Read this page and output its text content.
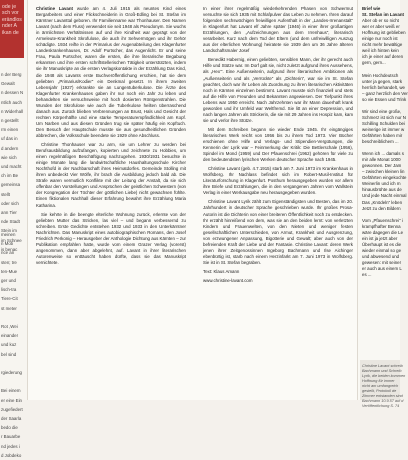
ode je
sch vor
erändlos
nder A
ikan de
n der Berg
Gewalt
n dessen N
ntlich auch
n Widerhall
n gestellt
rm einen
uf das in
d andern
wie sich
und macht
ch im Be
gemeinsa
stellt
oder sich
ann Tier
nde Stadt
Stein im
im Schnee
is benac
meinen
n Moti
nce an
sten; tre
ten-Mue
ger und
lisch-tra
Tiere-Cit
st meter

Rot ,Wei
einander
und kuz
bel sind

rgiederung

Bei einem
er eine Ein
zugefiedert
der Saarla
bedo die
r Bauarbe
nd jedes i
d Jobdeko

Christine Lavant wurde am 4. Juli 1915 als neuntes Kind eines Bergarbeiters und einer Flickschneiderin in Groß-Edling bei St. Stefan im Kärntner Lavanttal geboren. Ihr Familienname war Thonhauser. Den Namen Lavant (nach dem Fluss) verwendet sie seit 1948 als Pseudonym. Sie wuchs in ärmlichsten Verhältnissen auf und ihre Kindheit war geprägt von der Armeleute-Krankheit Skrofulose, die auch ihr Sehvermögen und ihr Gehör schädigte. 1934 reifte in der Primarius der Augenabteilung des Klagenfurter Landeskrankenhauses, Dr. Adolf Purtscher, das Augenlicht. Er und seine Frau, Paula Purtscher, waren die ersten, die ihre literarische Begabung erkannten und ihre ersten schriftstellerischen Tätigkeit unterstützten, indem sie ihr Manuskripte an die ersten Verlagskontakte in der Erzählung Das Kind, die 1948 als Lavants erste Buchveröffentlichung erschien, hat sie dem geliebten „Primarius/Kodier“ ein Denkmal gesetzt. In ihrem zweiten Lebensjahr (1927) erkrankte sie an Lungentuberkulose. Die Ärzte des Klagenfurter Krankenhauses gaben ihr nur noch ein Jahr zu leben und behandelten sie versuchsweise mit hoch dosierten Röntgenstrahlen. Die Wunden der Skrofulose wie auch die Tuberkulose heilten überraschend danach aus. Zurück blieben Verbrennungen an Brust, Hals und Gesicht der rechten Körperhälfte und eine starke Temperaturempfindlichkeit am Kopf. Um Narben und aus diesen Gründen trug sie später häufig ein Kopftuch. Den Besuch der Hauptschule musste sie aus gesundheitlichen Gründen abbrechen, die Volksschule beendete sie 1929 ohne Abschluss.

Christine Thonhauser war zu arm, sie um Lehrer zu werden bei Berufsausbildung aufzufangen, kopierten und zeichnete zu Hobbies, um einen regelmäßigen Beschäftigung nachzugehen. 1930/1931 besuchte in einige Monate lang die landwirtschaftliche Haushaltungsschule Kircher Nochthofd in der Nachbarschaft ihres Heimatdorfes. Gemeinde Stolling mit ihren unbedeckt Vier Wölfe, ihr brach die Ausbildung jedoch bald ab. Die Strafe waren vermutlich Konflikte mit der Leitung der Anstalt, da sie sich offenbar den Vorstellungen und Ansprüchen der geistlichen Schwestern (von der Kongregation der Töchter der göttlichen Liebe) nicht gewachsen fühlte. Einen fiktionalen Nachhall dieser Erfahrung bewahrt ihre Erzählung Maria Katharina.

Sie kehrte in die beengte elterliche Wohnung zurück, erlernte von der geliebten Mutter das Stricken, las viel – und begann verbessernd zu schreiben. Erste Gedichte entstehen 1932 und 1933 in den Unterkärntner Nachrichten. Das Manuskript eines autobiographischen Romans, den Josef Friedrich Perkonig – Herausgeber der Anthologie Dichtung aus Kärnten – zur Publikation empfahlen hatte, wurde vom einem Grazer Verlag (vorerst) angenommen, dann aber abgelehnt, auf. Lavant in ihrer literarischen Autorenweise so enttäuscht haben dürfte, dass sie das Manuskript vernichtete.

In einer ihrer regelmäßig wiederkehrenden Phasen von Schwermut versuchte sie sich 1935 mit Schlafpulver das Leben zu nehmen. Ihren darauf folgenden sechswöchigen freiwilligen Aufenthalt in der „Landes-Irrenanstalt“ in Klagenfurt hat Lavant elf Jahre später (1946) in einer ihrer großartigen Erzählungen, den „Aufzeichnungen aus dem Irrenhaus“, literarisch verarbeitet. Kurz nach dem Tod der Eltern (und dem unfreiwilligen Auszug aus der elterlichen Wohnung) heiratete sie 1939 den um 36 Jahre älteren Landschaftsmaler Josef

Benedikt Habernig, einen geliebten, sensiblen Mann, der ihr gerecht auch Hilfe und Stütze war. Im Dorf galt sie, nicht zuletzt aufgrund ihres Aussehens, als „Hex’“. Eine Außenseiterin, aufgrund ihrer literarischen Ambitionen als „Außenseiterin und als „Verrückte“ als „Dichterin“, war sie im St. Stefan geachtet, doch war ihr Leben als Zuordnung zu ihren literarischen Aktivitäten noch in Kärnten einzelnen bestimmt. Lavant musste sich finanziell und stets auf die Hilfe von Freunden und Bekannten angewiesen. Der Tiefpunkt ihres Lebens war 1950 erreicht. Nach Jahrzehnten war ihr Mann dauerhaft krank geworden und ihr Umfeld war Weltfremd. Sie litt an einer Depression, und nach langen Jahren als Strickerin, die sie mit 29 Jahren ins Hospiz kam, kam sie und verlor ihre Stütze.

Mit dem Schreiben begann sie wieder Ende 1945. Ihr eingängiges literarisches Werk reicht von 1956 bis zu ihrem Tod 1973. Vier Bücher erschienen ohne Hilfe und Verlags- und Stipendien-Vergütungen, die Kennerin der Lyrik war – Feinmerkung der Kritik: Die Bettlerschale (1956), Spindel im Mond (1959) und Der Pfauenschrei (1962) gehören für viele zu den bedeutendsten lyrischen Werken deutscher Sprache nach 1945.

Christine Lavant (geb. 4.7.1915) starb am 7. Juni 1973 im Krankenhaus in Wolfsberg. Ihr Nachlass befindet sich im Robert-Musil-Institut für Literaturforschung in Klagenfurt. Posthum herausgegeben wurden vor allem ihre Briefe und Erzählungen, die in den vergangenen Jahren vom Wallstein Verlag in einer Werkausgabe neu herausgegeben wurden.

Christine Lavant Lyrik zählt zum Eigenständigsten und Besten, das im 20. Jahrhundert in deutscher Sprache geschrieben wurde. Ihr großes Prosa-Autorin ist die Dichterin von einer breiteren Öffentlichkeit noch zu entdecken. Ihr erzählt hinreißend von dem, was sie an den beiden lernt: von verletzten Kindern und Frauenwelten, von den Nieten und weniger festen gesellschaftlichen Unterschieden, von Armut, Krankheit und Ausgrenzung, von erzwungener Anpassung, Bigotterie und Gewalt; aber auch von der befreienden Kraft der Liebe und der Fantasie. Christine Lavant: deren Werk jenen ihrer Zeitgenossinnen Ingeborg Bachmann und Ilse Aichinger ebenbürtig ist, starb nach einem Herzinfarkt am 7. Juni 1973 in Wolfsberg. Sie ist in St. Stefan begraben.

Text: Klaus Amann

www.christine-lavant.com

Brief wie
St. Stefan im Lavant
Aber ob er so nicht
wer er aber weiß er
Hoffnung ist geblieben
einige nur noch ist
nicht mehr bewältige
weil ich hinten kein
ich je einer auf deren
gern, gern...

Mein Hochdeutsch
unter ja gegen, stark
herrlich behandelt, we
– ganz herzlich den Ver
so vie Essen und Trink

Wir sind eine große,
Schmerz ist sich nur N
Schilling Schulden bei
weinerige ist immer w
Gefährten haben mir
beschreiblichem ...

Wenn ich ... damals s
mir alle Monat 1000
gewonnen. Der Jam
– zwischen kleinen lin
Gefährten eingekochte
Weinerlin und ich m
hinausbrühte aus de
Und jede Nacht einmal
Das „Knödeln“ leben
Jetzt zu den Bildern

Vom „Pfauenschrei“ i
krampfhafter Benna
wäre dagegen die Le
ein ist ja jetzt aber
Überhaupt ist es die
wieder einmal so ge
und abwesend und
gewesen: mit seiner
er auch aus einem L
es ...
Christine Lavant schreib
Bachmann und Schreib
Lyrik, die beiden kommen
Hoffnung für immer
nicht am umfangreich
gestellt, Protokoll de
Zimmer entstanden sind
Bachmann 10.9.57 auf d
Veröffentlichung S. 74
